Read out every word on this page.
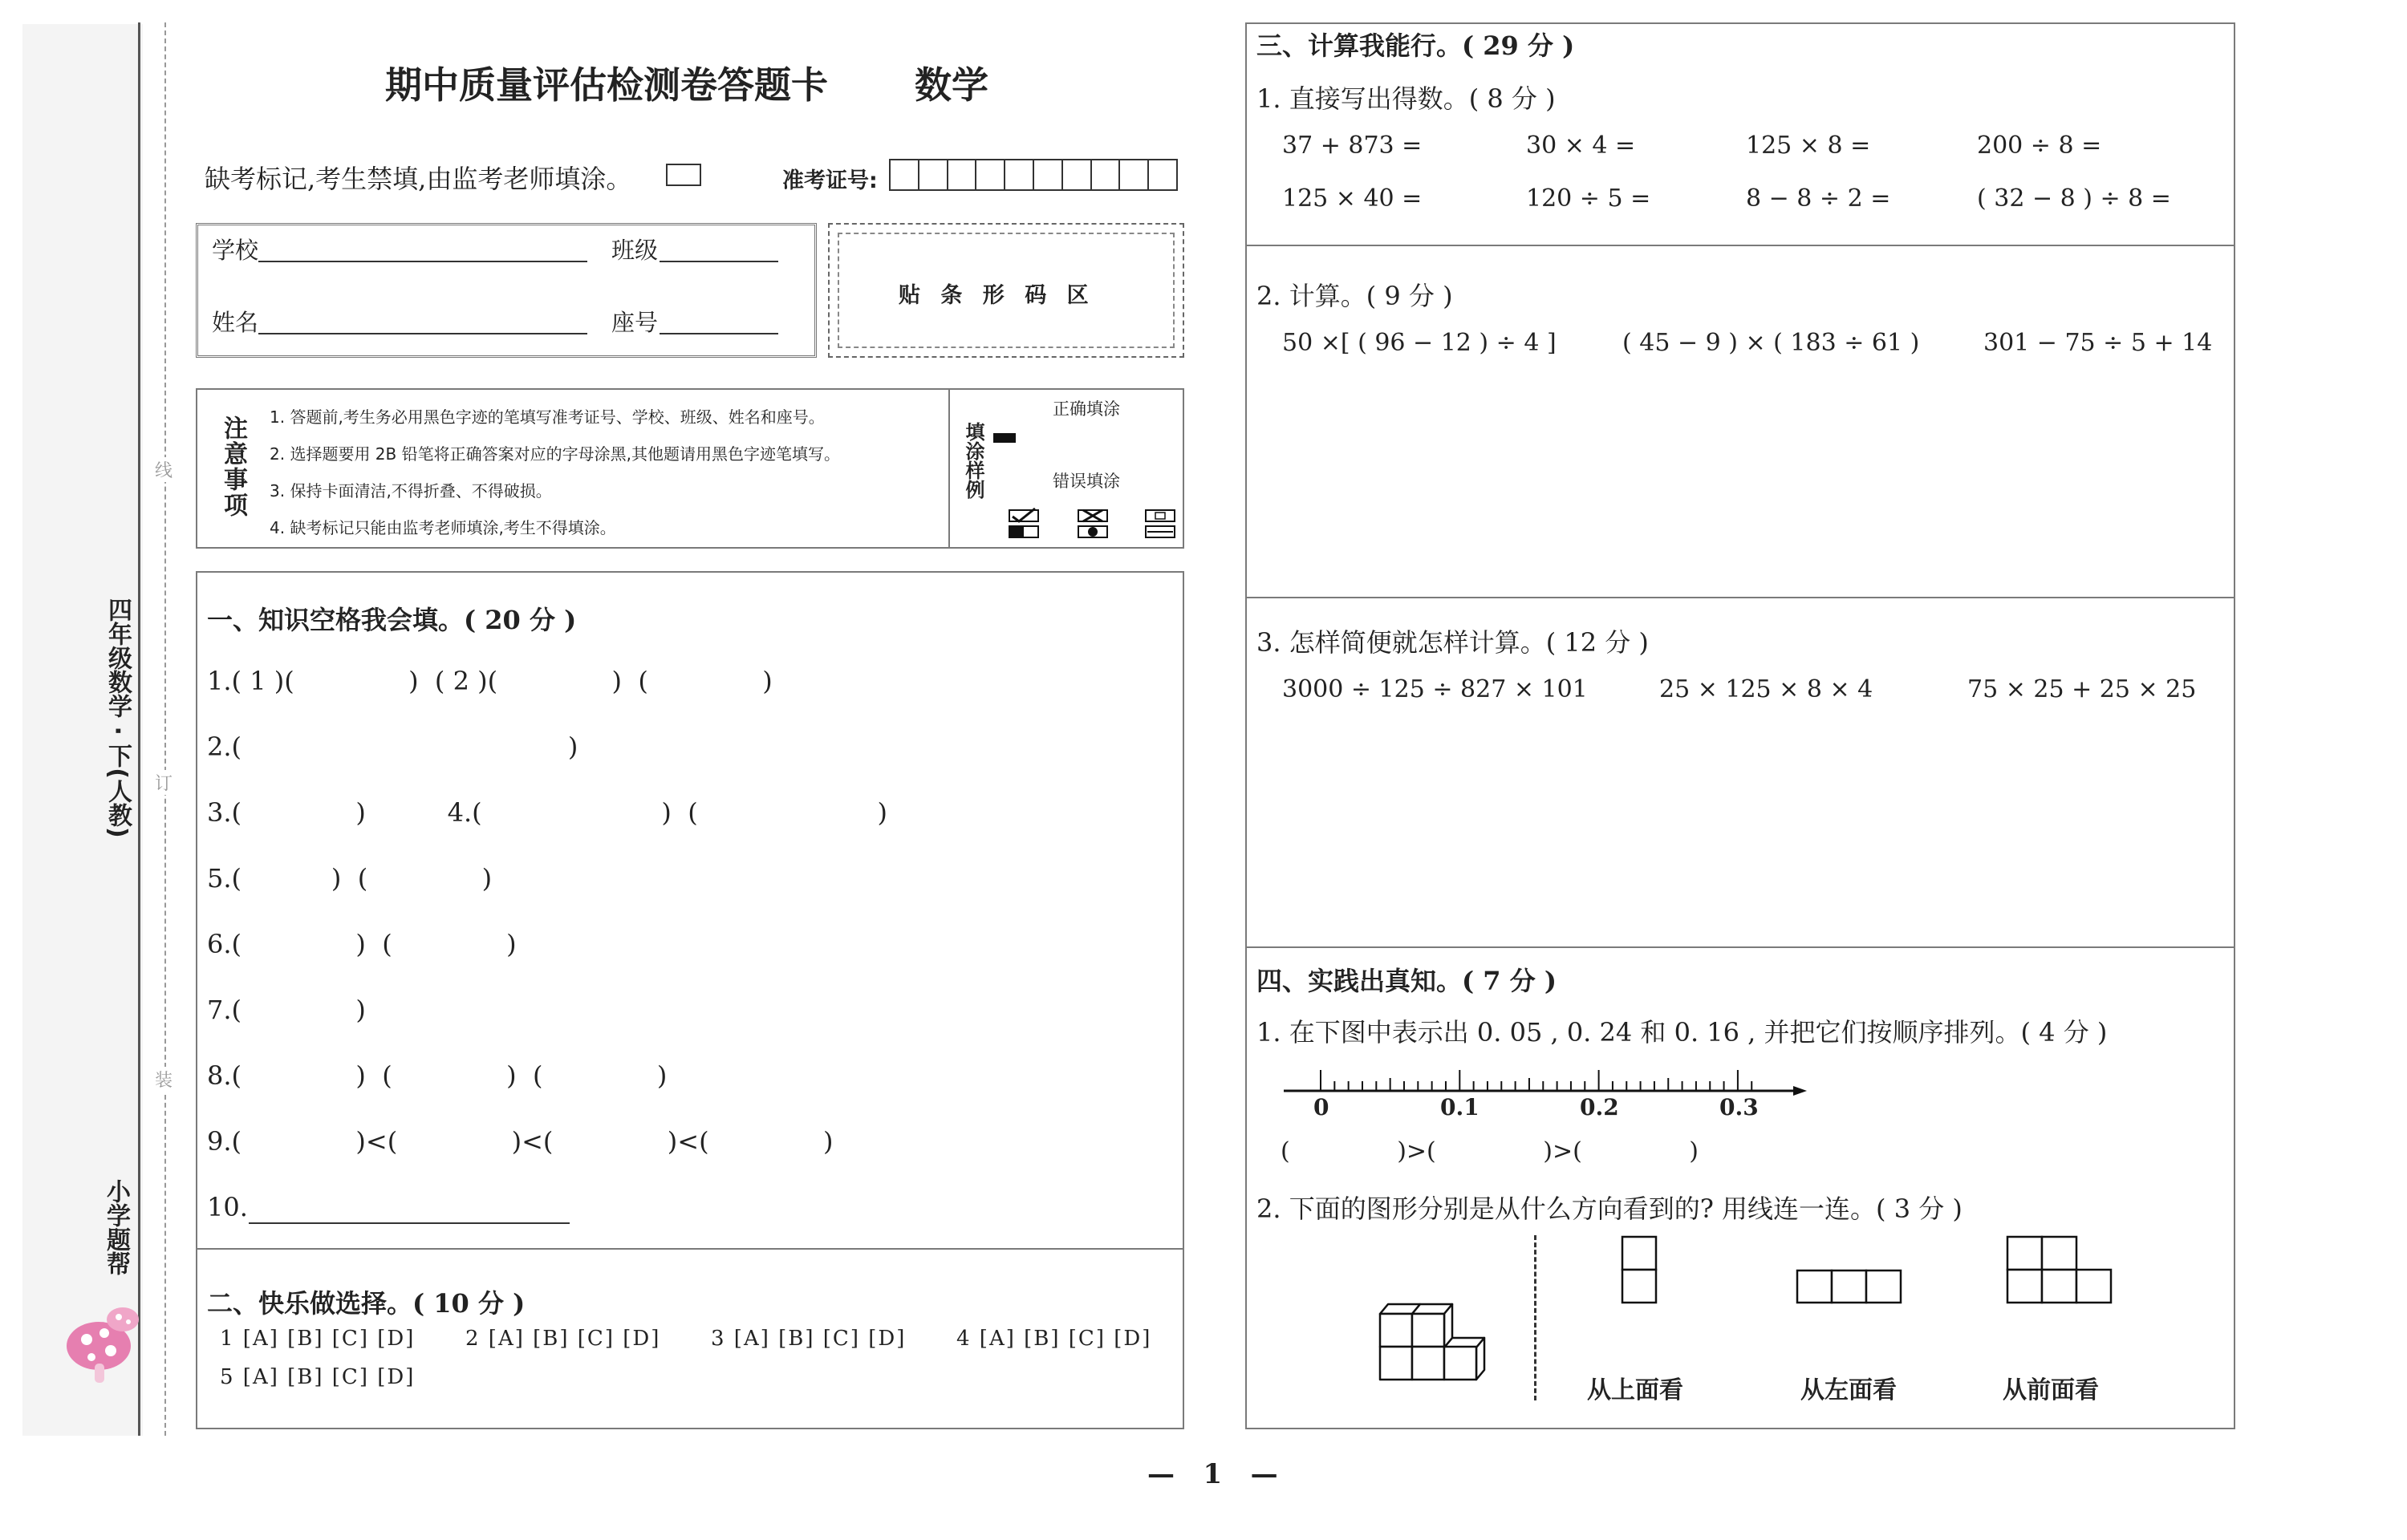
四年级数学 · 下(人教)
线
订
装
小学题帮
期中质量评估检测卷答题卡 数学
缺考标记,考生禁填,由监考老师填涂。	准考证号:
学校	班级
姓名	座号
贴 条 形 码 区
注意事项 1. 答题前,考生务必用黑色字迹的笔填写准考证号、学校、班级、姓名和座号。
2. 选择题要用 2B 铅笔将正确答案对应的字母涂黑,其他题请用黑色字迹笔填写。
3. 保持卡面清洁,不得折叠、不得破损。
4. 缺考标记只能由监考老师填涂,考生不得填涂。
填涂样例
正确填涂
错误填涂
一、知识空格我会填。( 20 分 )
1.( 1 )(              )  ( 2 )(              )  (              )
2.(                                        )
3.(              )          4.(                      )  (                      )
5.(           )  (              )
6.(              )  (              )
7.(              )
8.(              )  (              )  (              )
9.(              )<(              )<(              )<(              )
10.
二、快乐做选择。( 10 分 )
1 [A] [B] [C] [D] 2 [A] [B] [C] [D] 3 [A] [B] [C] [D] 4 [A] [B] [C] [D]
5 [A] [B] [C] [D]
三、计算我能行。( 29 分 )
1. 直接写出得数。( 8 分 )
37 + 873 =	30 × 4 =	125 × 8 =	200 ÷ 8 =
125 × 40 =	120 ÷ 5 =	8 − 8 ÷ 2 =	( 32 − 8 ) ÷ 8 =
2. 计算。( 9 分 )
50 ×[ ( 96 − 12 ) ÷ 4 ]	( 45 − 9 ) × ( 183 ÷ 61 )	301 − 75 ÷ 5 + 14
3. 怎样简便就怎样计算。( 12 分 )
3000 ÷ 125 ÷ 827 × 101	25 × 125 × 8 × 4	75 × 25 + 25 × 25
四、实践出真知。( 7 分 )
1. 在下图中表示出 0. 05 , 0. 24 和 0. 16 , 并把它们按顺序排列。( 4 分 )
0	0.1	0.2	0.3
(              )>(              )>(              )
2. 下面的图形分别是从什么方向看到的? 用线连一连。( 3 分 )
从上面看	从左面看	从前面看
—   1   —
